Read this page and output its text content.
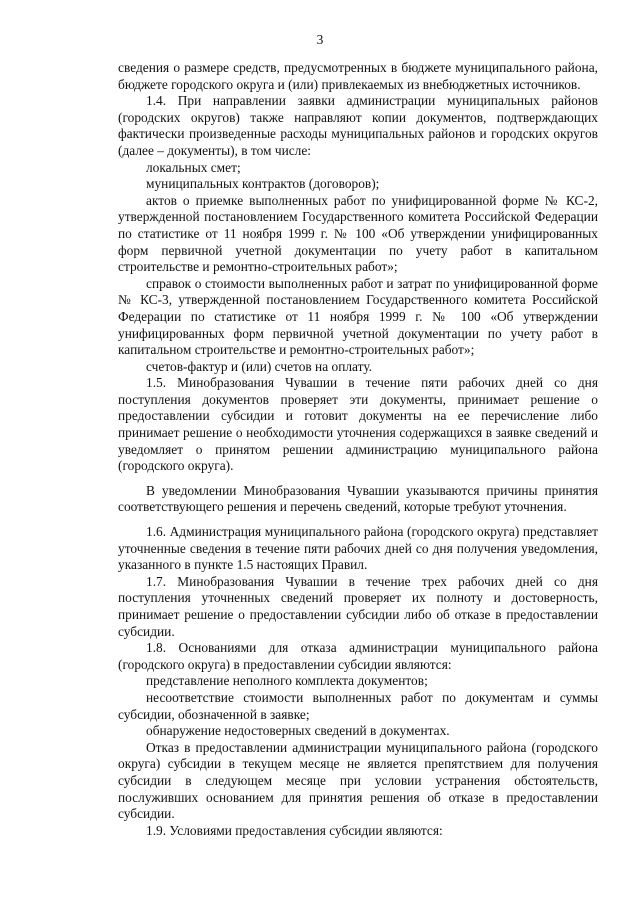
3

сведения о размере средств, предусмотренных в бюджете муниципального района, бюджете городского округа и (или) привлекаемых из внебюджетных источников.

1.4. При направлении заявки администрации муниципальных районов (городских округов) также направляют копии документов, подтверждающих фактически произведенные расходы муниципальных районов и городских округов (далее – документы), в том числе:

локальных смет;

муниципальных контрактов (договоров);

актов о приемке выполненных работ по унифицированной форме № КС-2, утвержденной постановлением Государственного комитета Российской Федерации по статистике от 11 ноября 1999 г. № 100 «Об утверждении унифицированных форм первичной учетной документации по учету работ в капитальном строительстве и ремонтно-строительных работ»;

справок о стоимости выполненных работ и затрат по унифицированной форме № КС-3, утвержденной постановлением Государственного комитета Российской Федерации по статистике от 11 ноября 1999 г. № 100 «Об утверждении унифицированных форм первичной учетной документации по учету работ в капитальном строительстве и ремонтно-строительных работ»;

счетов-фактур и (или) счетов на оплату.

1.5. Минобразования Чувашии в течение пяти рабочих дней со дня поступления документов проверяет эти документы, принимает решение о предоставлении субсидии и готовит документы на ее перечисление либо принимает решение о необходимости уточнения содержащихся в заявке сведений и уведомляет о принятом решении администрацию муниципального района (городского округа).

В уведомлении Минобразования Чувашии указываются причины принятия соответствующего решения и перечень сведений, которые требуют уточнения.

1.6. Администрация муниципального района (городского округа) представляет уточненные сведения в течение пяти рабочих дней со дня получения уведомления, указанного в пункте 1.5 настоящих Правил.

1.7. Минобразования Чувашии в течение трех рабочих дней со дня поступления уточненных сведений проверяет их полноту и достоверность, принимает решение о предоставлении субсидии либо об отказе в предоставлении субсидии.

1.8. Основаниями для отказа администрации муниципального района (городского округа) в предоставлении субсидии являются:

представление неполного комплекта документов;

несоответствие стоимости выполненных работ по документам и суммы субсидии, обозначенной в заявке;

обнаружение недостоверных сведений в документах.

Отказ в предоставлении администрации муниципального района (городского округа) субсидии в текущем месяце не является препятствием для получения субсидии в следующем месяце при условии устранения обстоятельств, послуживших основанием для принятия решения об отказе в предоставлении субсидии.

1.9. Условиями предоставления субсидии являются:
